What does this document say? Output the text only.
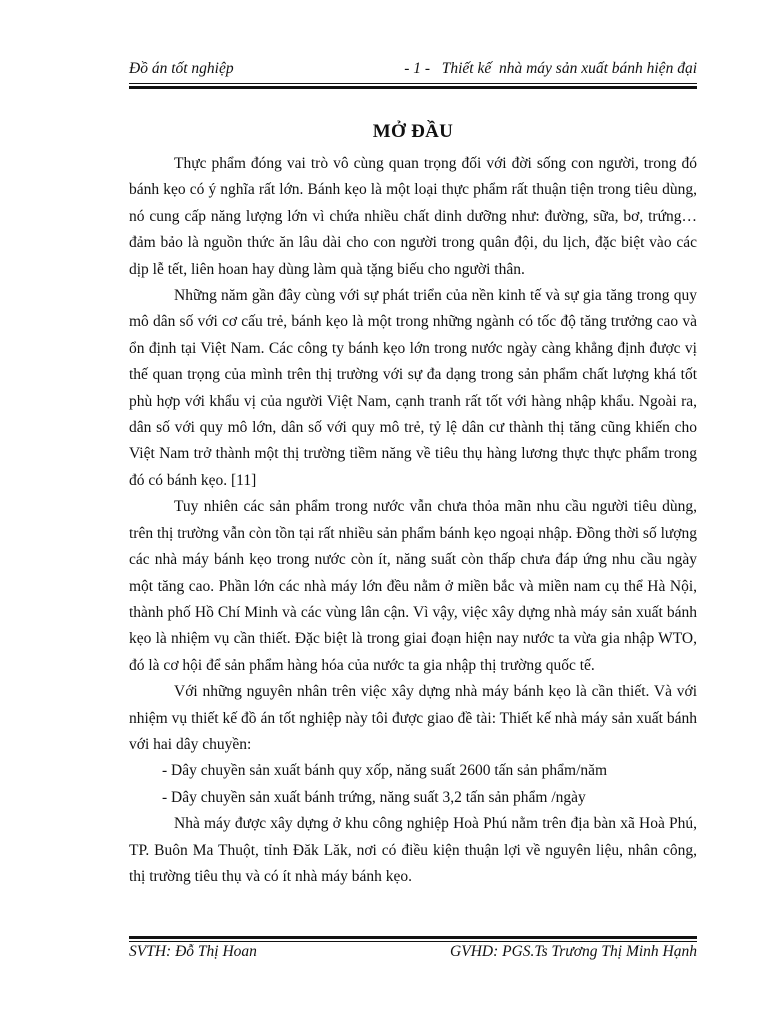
Đồ án tốt nghiệp	- 1 -   Thiết kế  nhà máy sản xuất bánh hiện đại
MỞ ĐẦU

Thực phẩm đóng vai trò vô cùng quan trọng đối với đời sống con người, trong đó bánh kẹo có ý nghĩa rất lớn. Bánh kẹo là một loại thực phẩm rất thuận tiện trong tiêu dùng, nó cung cấp năng lượng lớn vì chứa nhiều chất dinh dưỡng như: đường, sữa, bơ, trứng…đảm bảo là nguồn thức ăn lâu dài cho con người trong quân đội, du lịch, đặc biệt vào các dịp lễ tết, liên hoan hay dùng làm quà tặng biếu cho người thân.

Những năm gần đây cùng với sự phát triển của nền kinh tế và sự gia tăng trong quy mô dân số với cơ cấu trẻ, bánh kẹo là một trong những ngành có tốc độ tăng trưởng cao và ổn định tại Việt Nam. Các công ty bánh kẹo lớn trong nước ngày càng khẳng định được vị thế quan trọng của mình trên thị trường với sự đa dạng trong sản phẩm chất lượng khá tốt phù hợp với khẩu vị của người Việt Nam, cạnh tranh rất tốt với hàng nhập khẩu. Ngoài ra, dân số với quy mô lớn, dân số với quy mô trẻ, tỷ lệ dân cư thành thị tăng cũng khiến cho Việt Nam trở thành một thị trường tiềm năng về tiêu thụ hàng lương thực thực phẩm trong đó có bánh kẹo. [11]

Tuy nhiên các sản phẩm trong nước vẫn chưa thỏa mãn nhu cầu người tiêu dùng, trên thị trường vẫn còn tồn tại rất nhiều sản phẩm bánh kẹo ngoại nhập. Đồng thời số lượng các nhà máy bánh kẹo trong nước còn ít, năng suất còn thấp chưa đáp ứng nhu cầu ngày một tăng cao. Phần lớn các nhà máy lớn đều nằm ở miền bắc và miền nam cụ thể Hà Nội, thành phố Hồ Chí Minh và các vùng lân cận. Vì vậy, việc xây dựng nhà máy sản xuất bánh kẹo là nhiệm vụ cần thiết. Đặc biệt là trong giai đoạn hiện nay nước ta vừa gia nhập WTO, đó là cơ hội để sản phẩm hàng hóa của nước ta gia nhập thị trường quốc tế.

Với những nguyên nhân trên việc xây dựng nhà máy bánh kẹo là cần thiết. Và với nhiệm vụ thiết kế đồ án tốt nghiệp này tôi được giao đề tài: Thiết kế nhà máy sản xuất bánh với hai dây chuyền:

- Dây chuyền sản xuất bánh quy xốp, năng suất 2600 tấn sản phẩm/năm

- Dây chuyền sản xuất bánh trứng, năng suất 3,2 tấn sản phẩm /ngày

Nhà máy được xây dựng ở khu công nghiệp Hoà Phú nằm trên địa bàn xã Hoà Phú, TP. Buôn Ma Thuột, tỉnh Đăk Lăk, nơi có điều kiện thuận lợi về nguyên liệu, nhân công, thị trường tiêu thụ và có ít nhà máy bánh kẹo.

SVTH: Đỗ Thị Hoan	GVHD: PGS.Ts Trương Thị Minh Hạnh
